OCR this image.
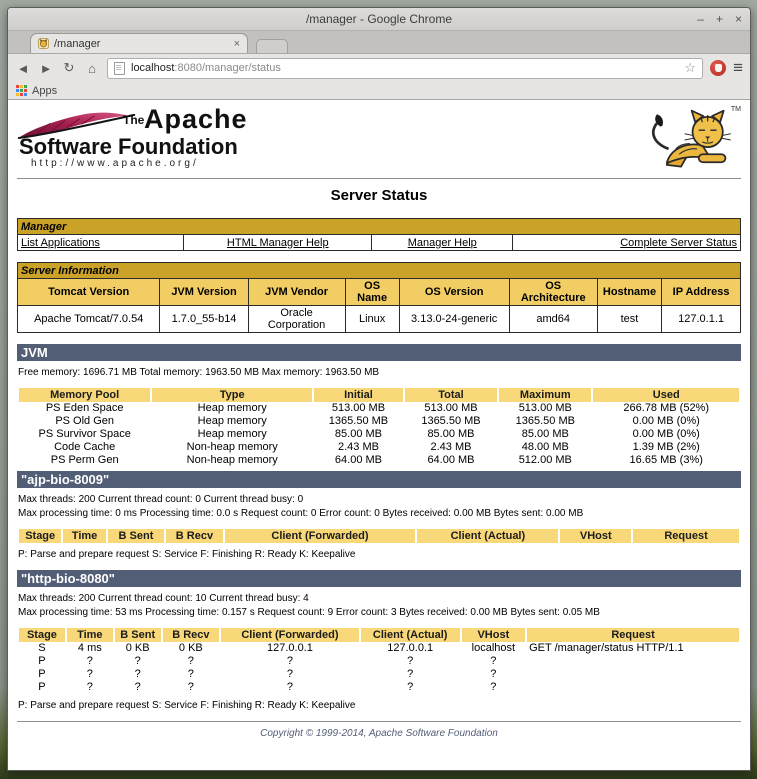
/manager - Google Chrome	– + ×
/manager	×
◄ ► ↻	⌂	localhost :8080/manager/status	☆ ≡
Apps
The Apache
Software Foundation
http://www.apache.org/
TM
Server Status
Manager
List Applications	HTML Manager Help	Manager Help	Complete Server Status
Server Information							
Tomcat Version	JVM Version	JVM Vendor	OS Name	OS Version	OS Architecture	Hostname	IP Address
Apache Tomcat/7.0.54	1.7.0_55-b14	Oracle Corporation	Linux	3.13.0-24-generic	amd64	test	127.0.1.1
JVM

Free memory: 1696.71 MB Total memory: 1963.50 MB Max memory: 1963.50 MB

Memory Pool	Type	Initial	Total	Maximum	Used
PS Eden Space	Heap memory	513.00 MB	513.00 MB	513.00 MB	266.78 MB (52%)
PS Old Gen	Heap memory	1365.50 MB	1365.50 MB	1365.50 MB	0.00 MB (0%)
PS Survivor Space	Heap memory	85.00 MB	85.00 MB	85.00 MB	0.00 MB (0%)
Code Cache	Non-heap memory	2.43 MB	2.43 MB	48.00 MB	1.39 MB (2%)
PS Perm Gen	Non-heap memory	64.00 MB	64.00 MB	512.00 MB	16.65 MB (3%)
"ajp-bio-8009"

Max threads: 200 Current thread count: 0 Current thread busy: 0
Max processing time: 0 ms Processing time: 0.0 s Request count: 0 Error count: 0 Bytes received: 0.00 MB Bytes sent: 0.00 MB

Stage	Time	B Sent	B Recv	Client (Forwarded)	Client (Actual)	VHost	Request

P: Parse and prepare request S: Service F: Finishing R: Ready K: Keepalive

"http-bio-8080"

Max threads: 200 Current thread count: 10 Current thread busy: 4
Max processing time: 53 ms Processing time: 0.157 s Request count: 9 Error count: 3 Bytes received: 0.00 MB Bytes sent: 0.05 MB

Stage	Time	B Sent	B Recv	Client (Forwarded)	Client (Actual)	VHost	Request
S	4 ms	0 KB	0 KB	127.0.0.1	127.0.0.1	localhost	GET /manager/status HTTP/1.1
P	?	?	?	?	?	?	
P	?	?	?	?	?	?	
P	?	?	?	?	?	?	

P: Parse and prepare request S: Service F: Finishing R: Ready K: Keepalive

Copyright © 1999-2014, Apache Software Foundation
